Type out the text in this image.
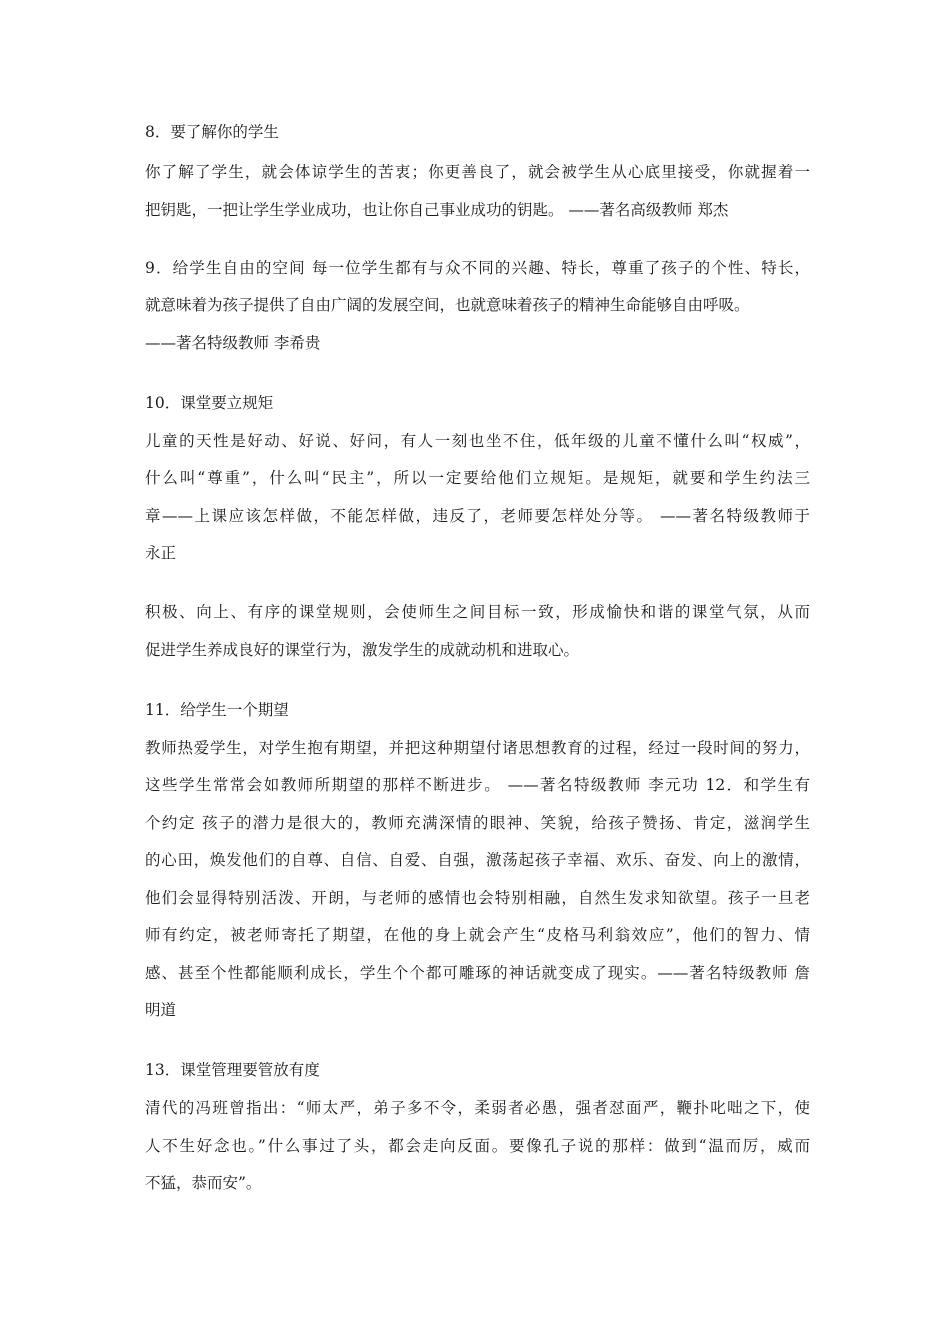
8．要了解你的学生
你了解了学生，就会体谅学生的苦衷；你更善良了，就会被学生从心底里接受，你就握着一
把钥匙，一把让学生学业成功，也让你自己事业成功的钥匙。 ——著名高级教师 郑杰
9．给学生自由的空间 每一位学生都有与众不同的兴趣、特长，尊重了孩子的个性、特长，
就意味着为孩子提供了自由广阔的发展空间，也就意味着孩子的精神生命能够自由呼吸。
——著名特级教师 李希贵
10．课堂要立规矩
儿童的天性是好动、好说、好问，有人一刻也坐不住，低年级的儿童不懂什么叫“权威”，
什么叫“尊重”，什么叫“民主”，所以一定要给他们立规矩。是规矩，就要和学生约法三
章——上课应该怎样做，不能怎样做，违反了，老师要怎样处分等。 ——著名特级教师于
永正
积极、向上、有序的课堂规则，会使师生之间目标一致，形成愉快和谐的课堂气氛，从而
促进学生养成良好的课堂行为，激发学生的成就动机和进取心。
11．给学生一个期望
教师热爱学生，对学生抱有期望，并把这种期望付诸思想教育的过程，经过一段时间的努力，
这些学生常常会如教师所期望的那样不断进步。 ——著名特级教师 李元功 12．和学生有
个约定 孩子的潜力是很大的，教师充满深情的眼神、笑貌，给孩子赞扬、肯定，滋润学生
的心田，焕发他们的自尊、自信、自爱、自强，激荡起孩子幸福、欢乐、奋发、向上的激情，
他们会显得特别活泼、开朗，与老师的感情也会特别相融，自然生发求知欲望。孩子一旦老
师有约定，被老师寄托了期望，在他的身上就会产生“皮格马利翁效应”，他们的智力、情
感、甚至个性都能顺利成长，学生个个都可雕琢的神话就变成了现实。——著名特级教师 詹
明道
13．课堂管理要管放有度
清代的冯班曾指出：“师太严，弟子多不令，柔弱者必愚，强者怼面严，鞭扑叱咄之下，使
人不生好念也。”什么事过了头，都会走向反面。要像孔子说的那样：做到“温而厉，威而
不猛，恭而安”。
